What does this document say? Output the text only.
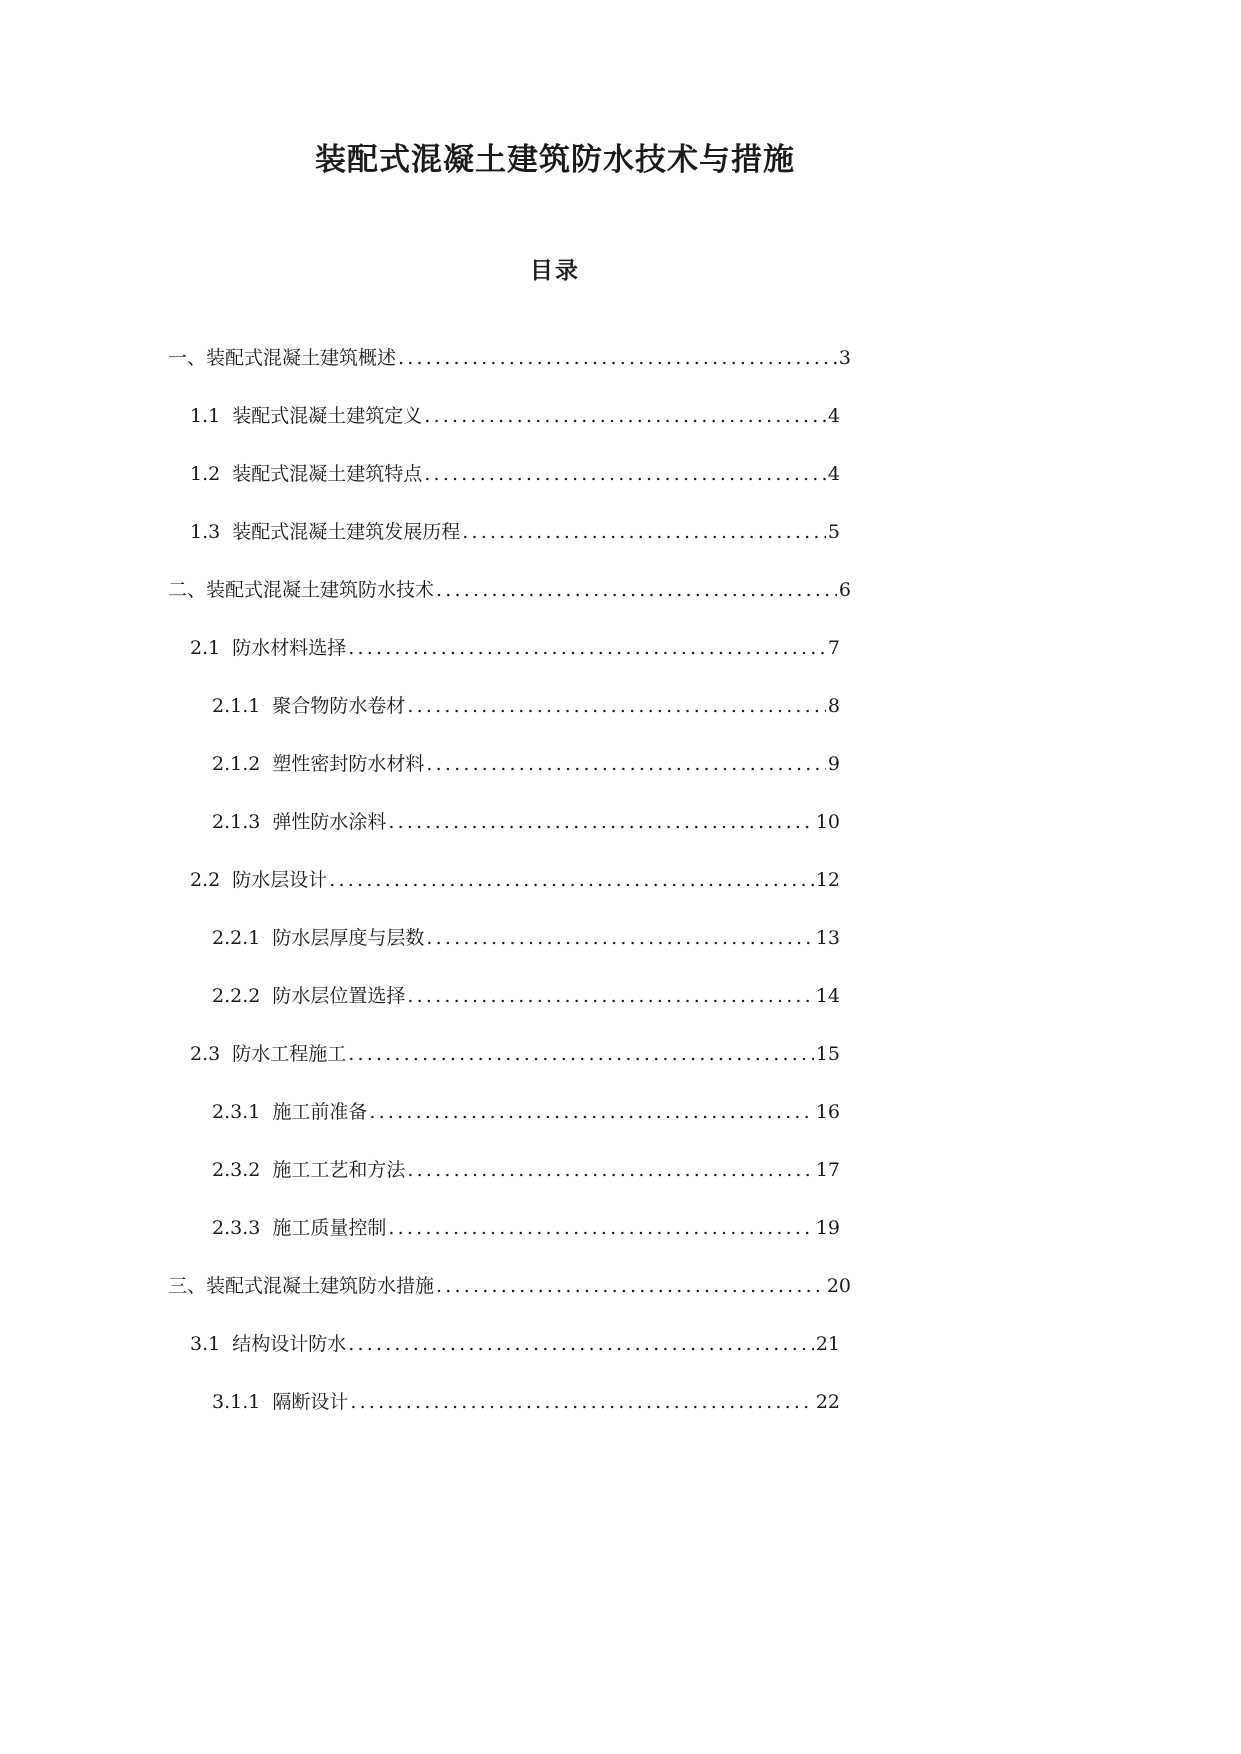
装配式混凝土建筑防水技术与措施
目录
一、装配式混凝土建筑概述 .....	3
1.1 装配式混凝土建筑定义 .....	4
1.2 装配式混凝土建筑特点 .....	4
1.3 装配式混凝土建筑发展历程 .....	5
二、装配式混凝土建筑防水技术 .....	6
2.1 防水材料选择 .....	7
2.1.1 聚合物防水卷材 .....	8
2.1.2 塑性密封防水材料 .....	9
2.1.3 弹性防水涂料 .....	10
2.2 防水层设计 .....	12
2.2.1 防水层厚度与层数 .....	13
2.2.2 防水层位置选择 .....	14
2.3 防水工程施工 .....	15
2.3.1 施工前准备 .....	16
2.3.2 施工工艺和方法 .....	17
2.3.3 施工质量控制 .....	19
三、装配式混凝土建筑防水措施 .....	20
3.1 结构设计防水 .....	21
3.1.1 隔断设计 .....	22
